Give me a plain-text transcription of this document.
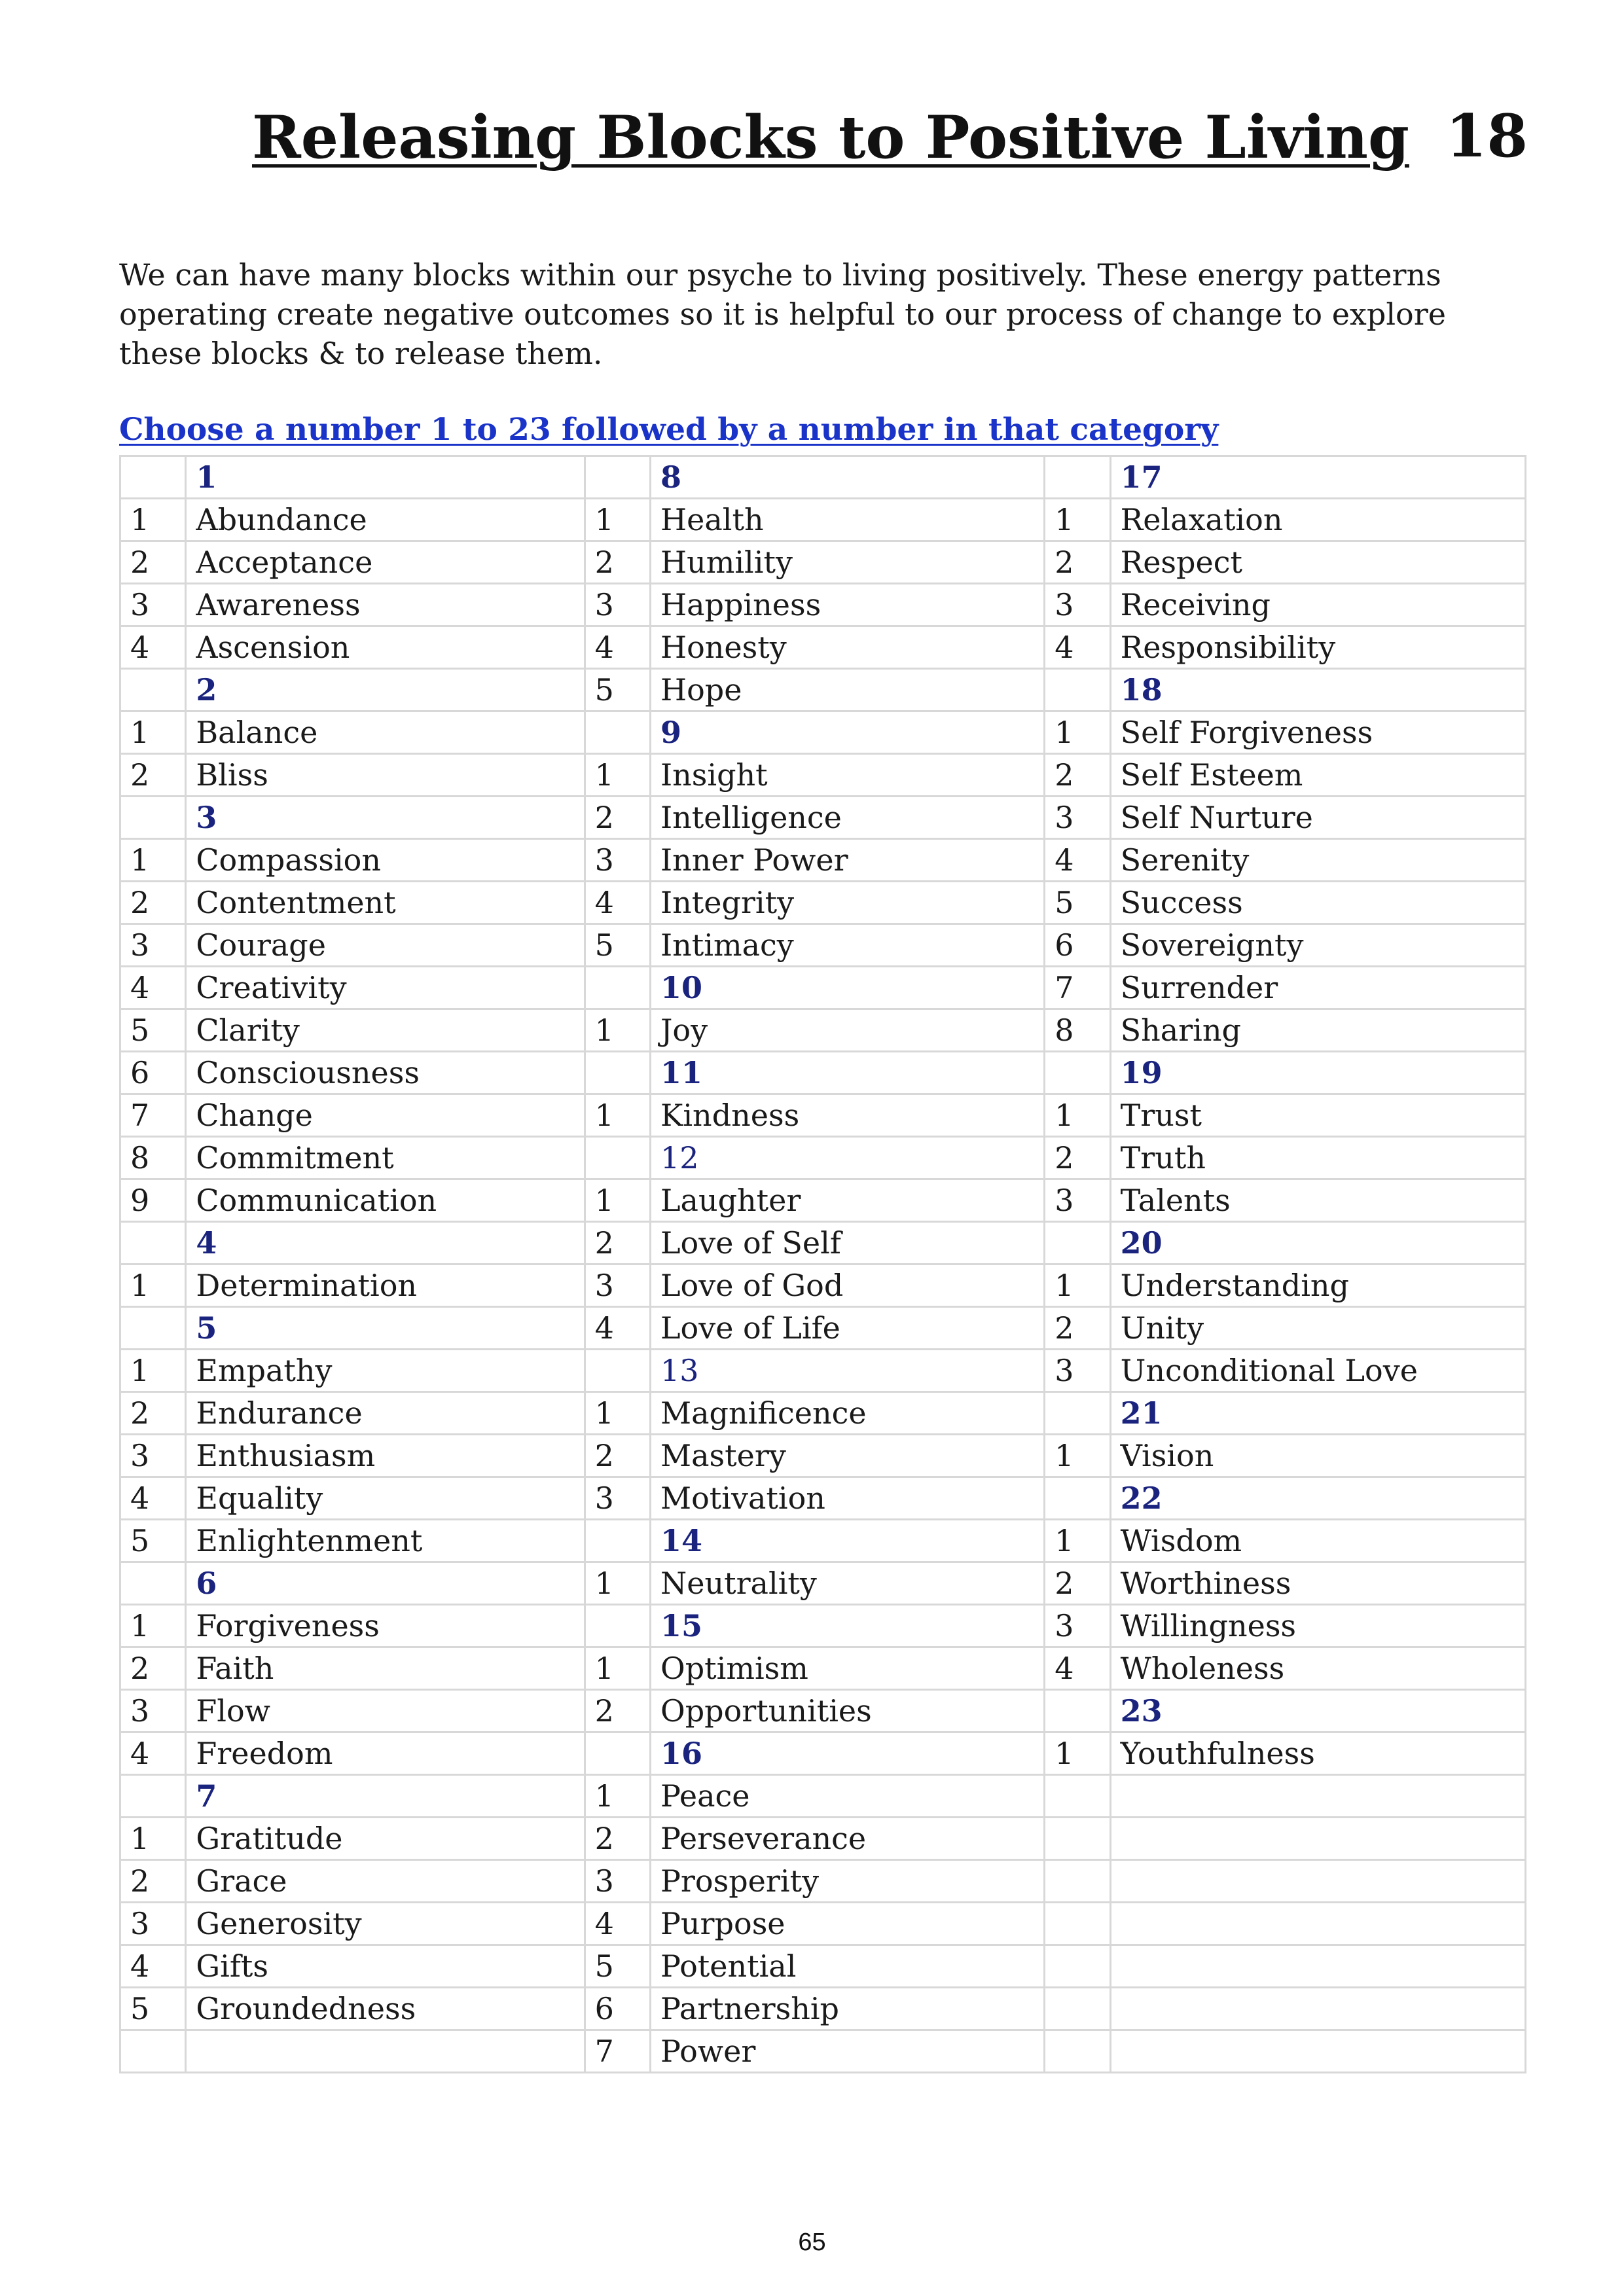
Releasing Blocks to Positive Living 18

We can have many blocks within our psyche to living positively. These energy patterns operating create negative outcomes so it is helpful to our process of change to explore these blocks & to release them.

Choose a number 1 to 23 followed by a number in that category
	1		8		17
1	Abundance	1	Health	1	Relaxation
2	Acceptance	2	Humility	2	Respect
3	Awareness	3	Happiness	3	Receiving
4	Ascension	4	Honesty	4	Responsibility
	2	5	Hope		18
1	Balance		9	1	Self Forgiveness
2	Bliss	1	Insight	2	Self Esteem
	3	2	Intelligence	3	Self Nurture
1	Compassion	3	Inner Power	4	Serenity
2	Contentment	4	Integrity	5	Success
3	Courage	5	Intimacy	6	Sovereignty
4	Creativity		10	7	Surrender
5	Clarity	1	Joy	8	Sharing
6	Consciousness		11		19
7	Change	1	Kindness	1	Trust
8	Commitment		12	2	Truth
9	Communication	1	Laughter	3	Talents
	4	2	Love of Self		20
1	Determination	3	Love of God	1	Understanding
	5	4	Love of Life	2	Unity
1	Empathy		13	3	Unconditional Love
2	Endurance	1	Magnificence		21
3	Enthusiasm	2	Mastery	1	Vision
4	Equality	3	Motivation		22
5	Enlightenment		14	1	Wisdom
	6	1	Neutrality	2	Worthiness
1	Forgiveness		15	3	Willingness
2	Faith	1	Optimism	4	Wholeness
3	Flow	2	Opportunities		23
4	Freedom		16	1	Youthfulness
	7	1	Peace		
1	Gratitude	2	Perseverance		
2	Grace	3	Prosperity		
3	Generosity	4	Purpose		
4	Gifts	5	Potential		
5	Groundedness	6	Partnership		
		7	Power		
65
